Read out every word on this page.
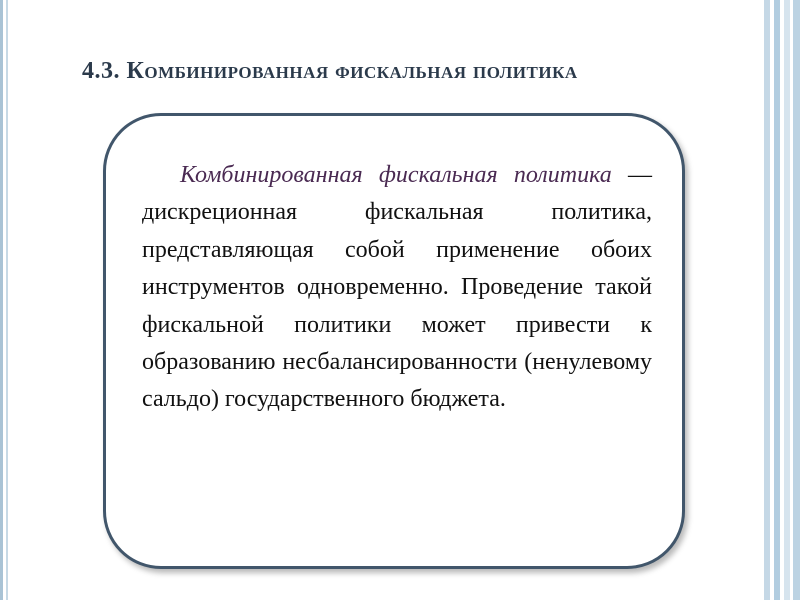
4.3. Комбинированная фискальная политика

Комбинированная фискальная политика — дискреционная фискальная политика, представляющая собой применение обоих инструментов одновременно. Проведение такой фискальной политики может привести к образованию несбалансированности (ненулевому сальдо) государственного бюджета.
